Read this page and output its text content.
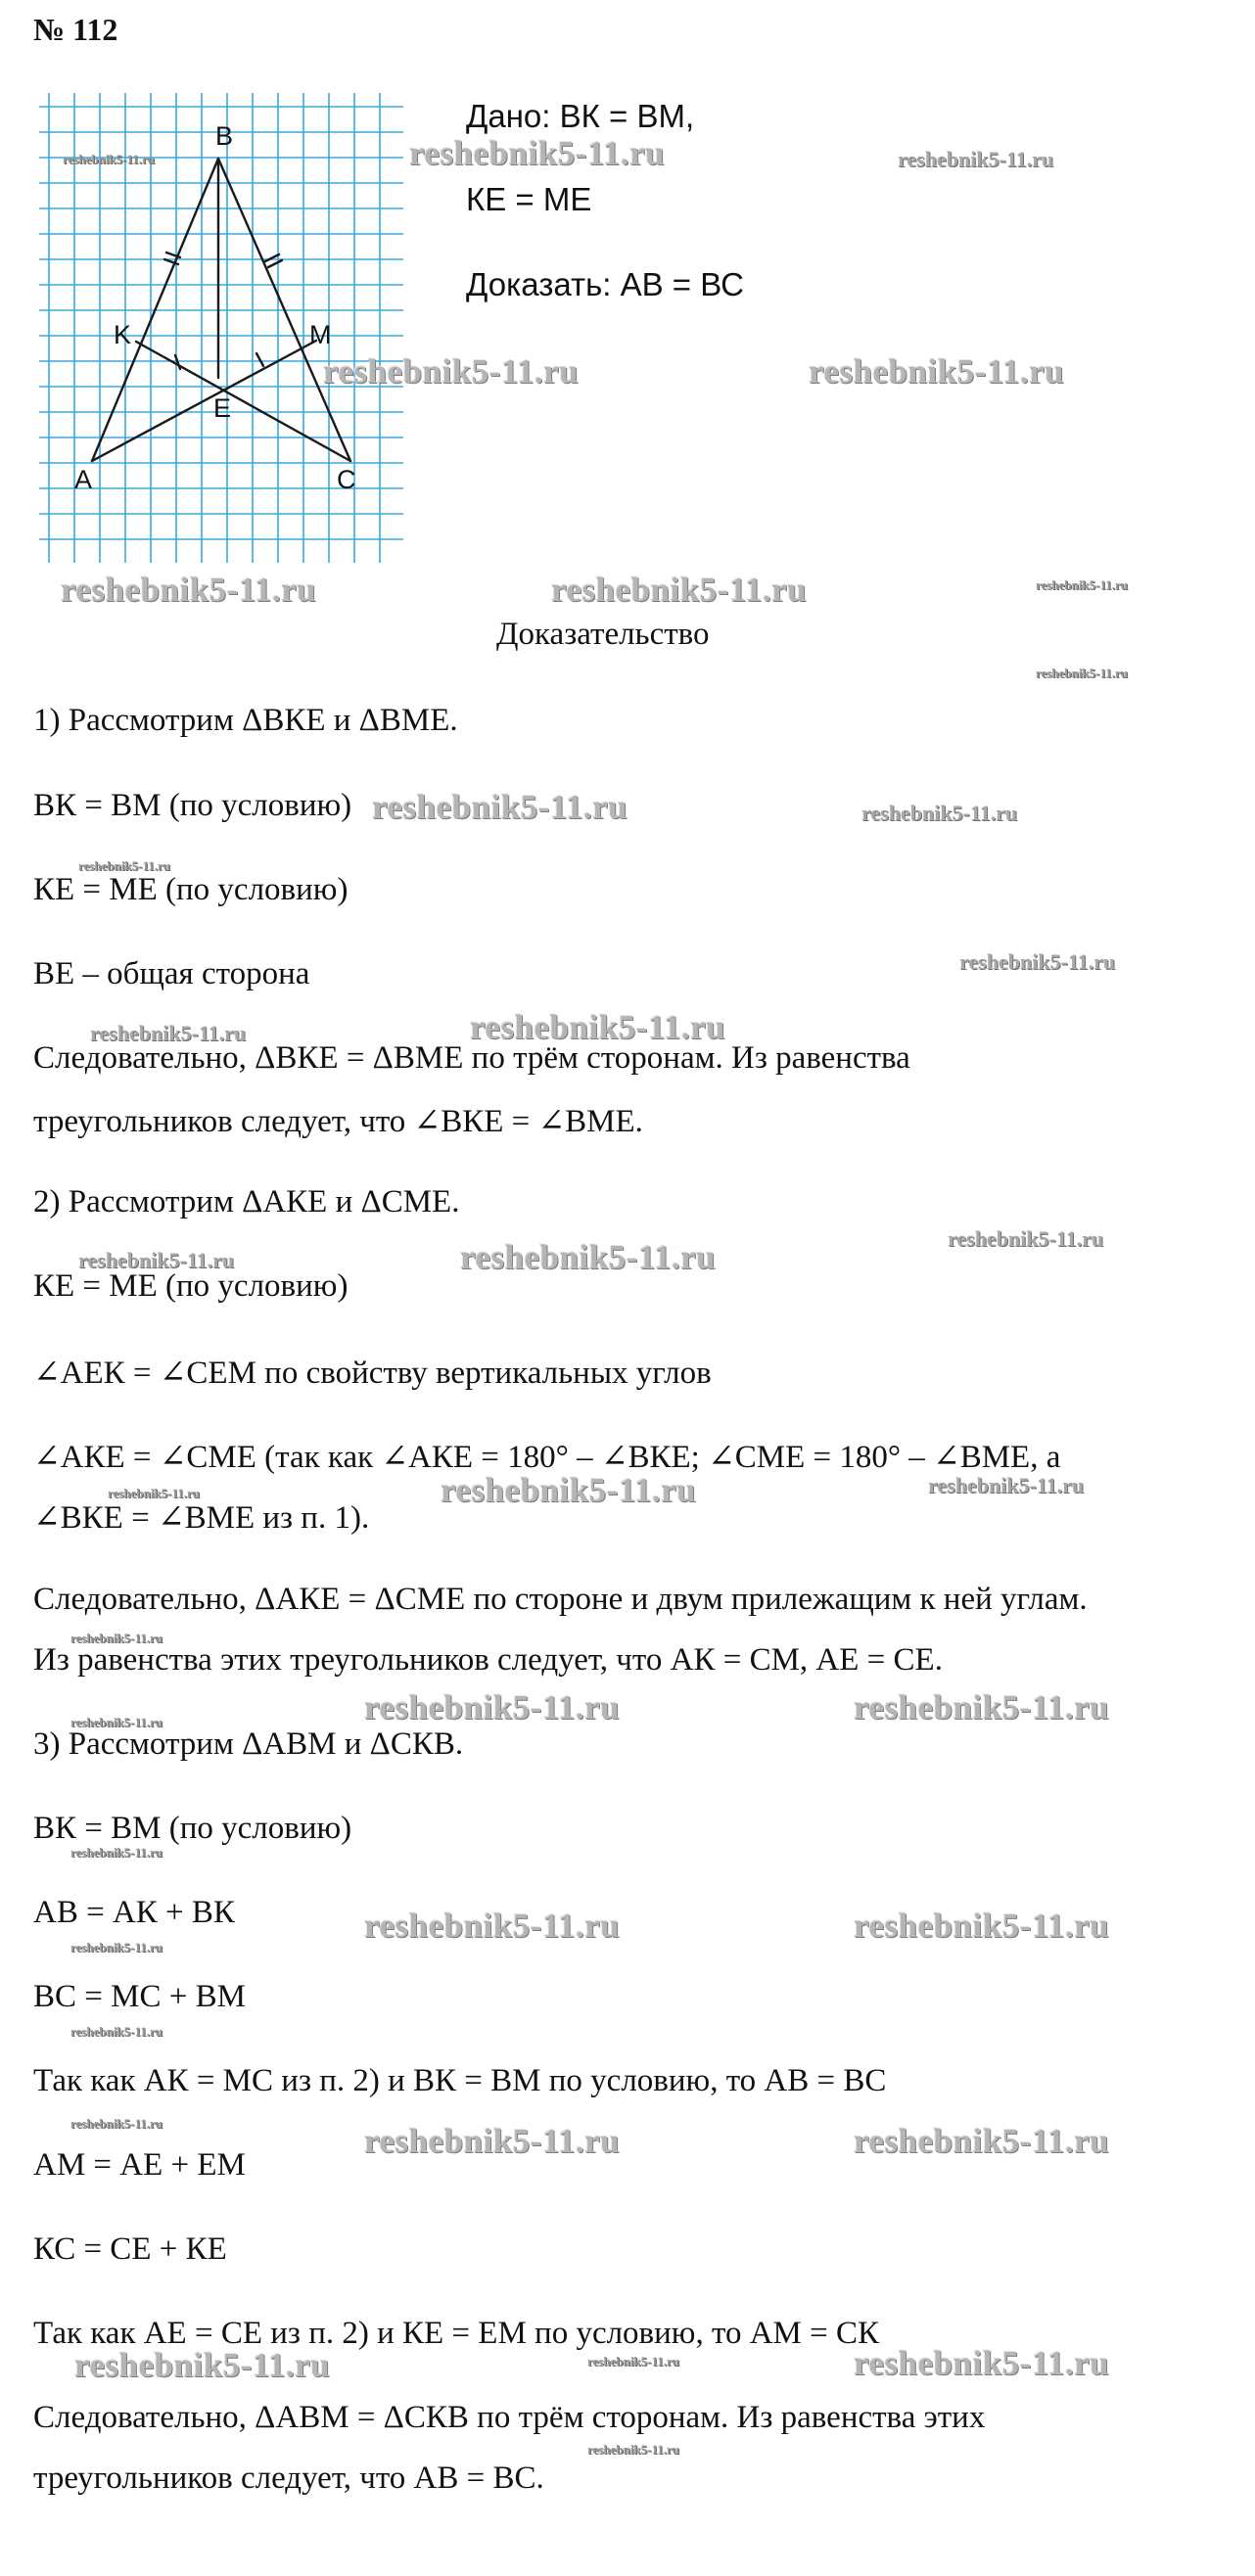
№ 112
B
K	M
E
A	C
Дано: ВК = ВМ,
КЕ = МЕ
Доказать: АВ = ВС
Доказательство
1) Рассмотрим ΔВКЕ и ΔВМЕ.
ВК = ВМ (по условию)
КЕ = МЕ (по условию)
ВЕ – общая сторона
Следовательно, ΔВКЕ = ΔВМЕ по трём сторонам. Из равенства
треугольников следует, что ∠ВКЕ = ∠ВМЕ.
2) Рассмотрим ΔАКЕ и ΔСМЕ.
КЕ = МЕ (по условию)
∠АЕК = ∠СЕМ по свойству вертикальных углов
∠АКЕ = ∠СМЕ (так как ∠АКЕ = 180° – ∠ВКЕ; ∠СМЕ = 180° – ∠ВМЕ, а
∠ВКЕ = ∠ВМЕ из п. 1).
Следовательно, ΔАКЕ = ΔСМЕ по стороне и двум прилежащим к ней углам.
Из равенства этих треугольников следует, что АК = СМ, АЕ = СЕ.
3) Рассмотрим ΔАВМ и ΔСКВ.
ВК = ВМ (по условию)
АВ = АК + ВК
ВС = МС + ВМ
Так как АК = МС из п. 2) и ВК = ВМ по условию, то АВ = ВС
АМ = АЕ + ЕМ
КС = СЕ + КЕ
Так как АЕ = СЕ из п. 2) и КЕ = ЕМ по условию, то АМ = СК
Следовательно, ΔАВМ = ΔСКВ по трём сторонам. Из равенства этих
треугольников следует, что АВ = ВС.
reshebnik5-11.ru	reshebnik5-11.ru	reshebnik5-11.ru
reshebnik5-11.ru	reshebnik5-11.ru
reshebnik5-11.ru	reshebnik5-11.ru	reshebnik5-11.ru
reshebnik5-11.ru
reshebnik5-11.ru	reshebnik5-11.ru
reshebnik5-11.ru
reshebnik5-11.ru
reshebnik5-11.ru	reshebnik5-11.ru
reshebnik5-11.ru
reshebnik5-11.ru	reshebnik5-11.ru
reshebnik5-11.ru	reshebnik5-11.ru	reshebnik5-11.ru
reshebnik5-11.ru
reshebnik5-11.ru	reshebnik5-11.ru	reshebnik5-11.ru
reshebnik5-11.ru
reshebnik5-11.ru	reshebnik5-11.ru
reshebnik5-11.ru
reshebnik5-11.ru
reshebnik5-11.ru	reshebnik5-11.ru	reshebnik5-11.ru
reshebnik5-11.ru	reshebnik5-11.ru	reshebnik5-11.ru
reshebnik5-11.ru
